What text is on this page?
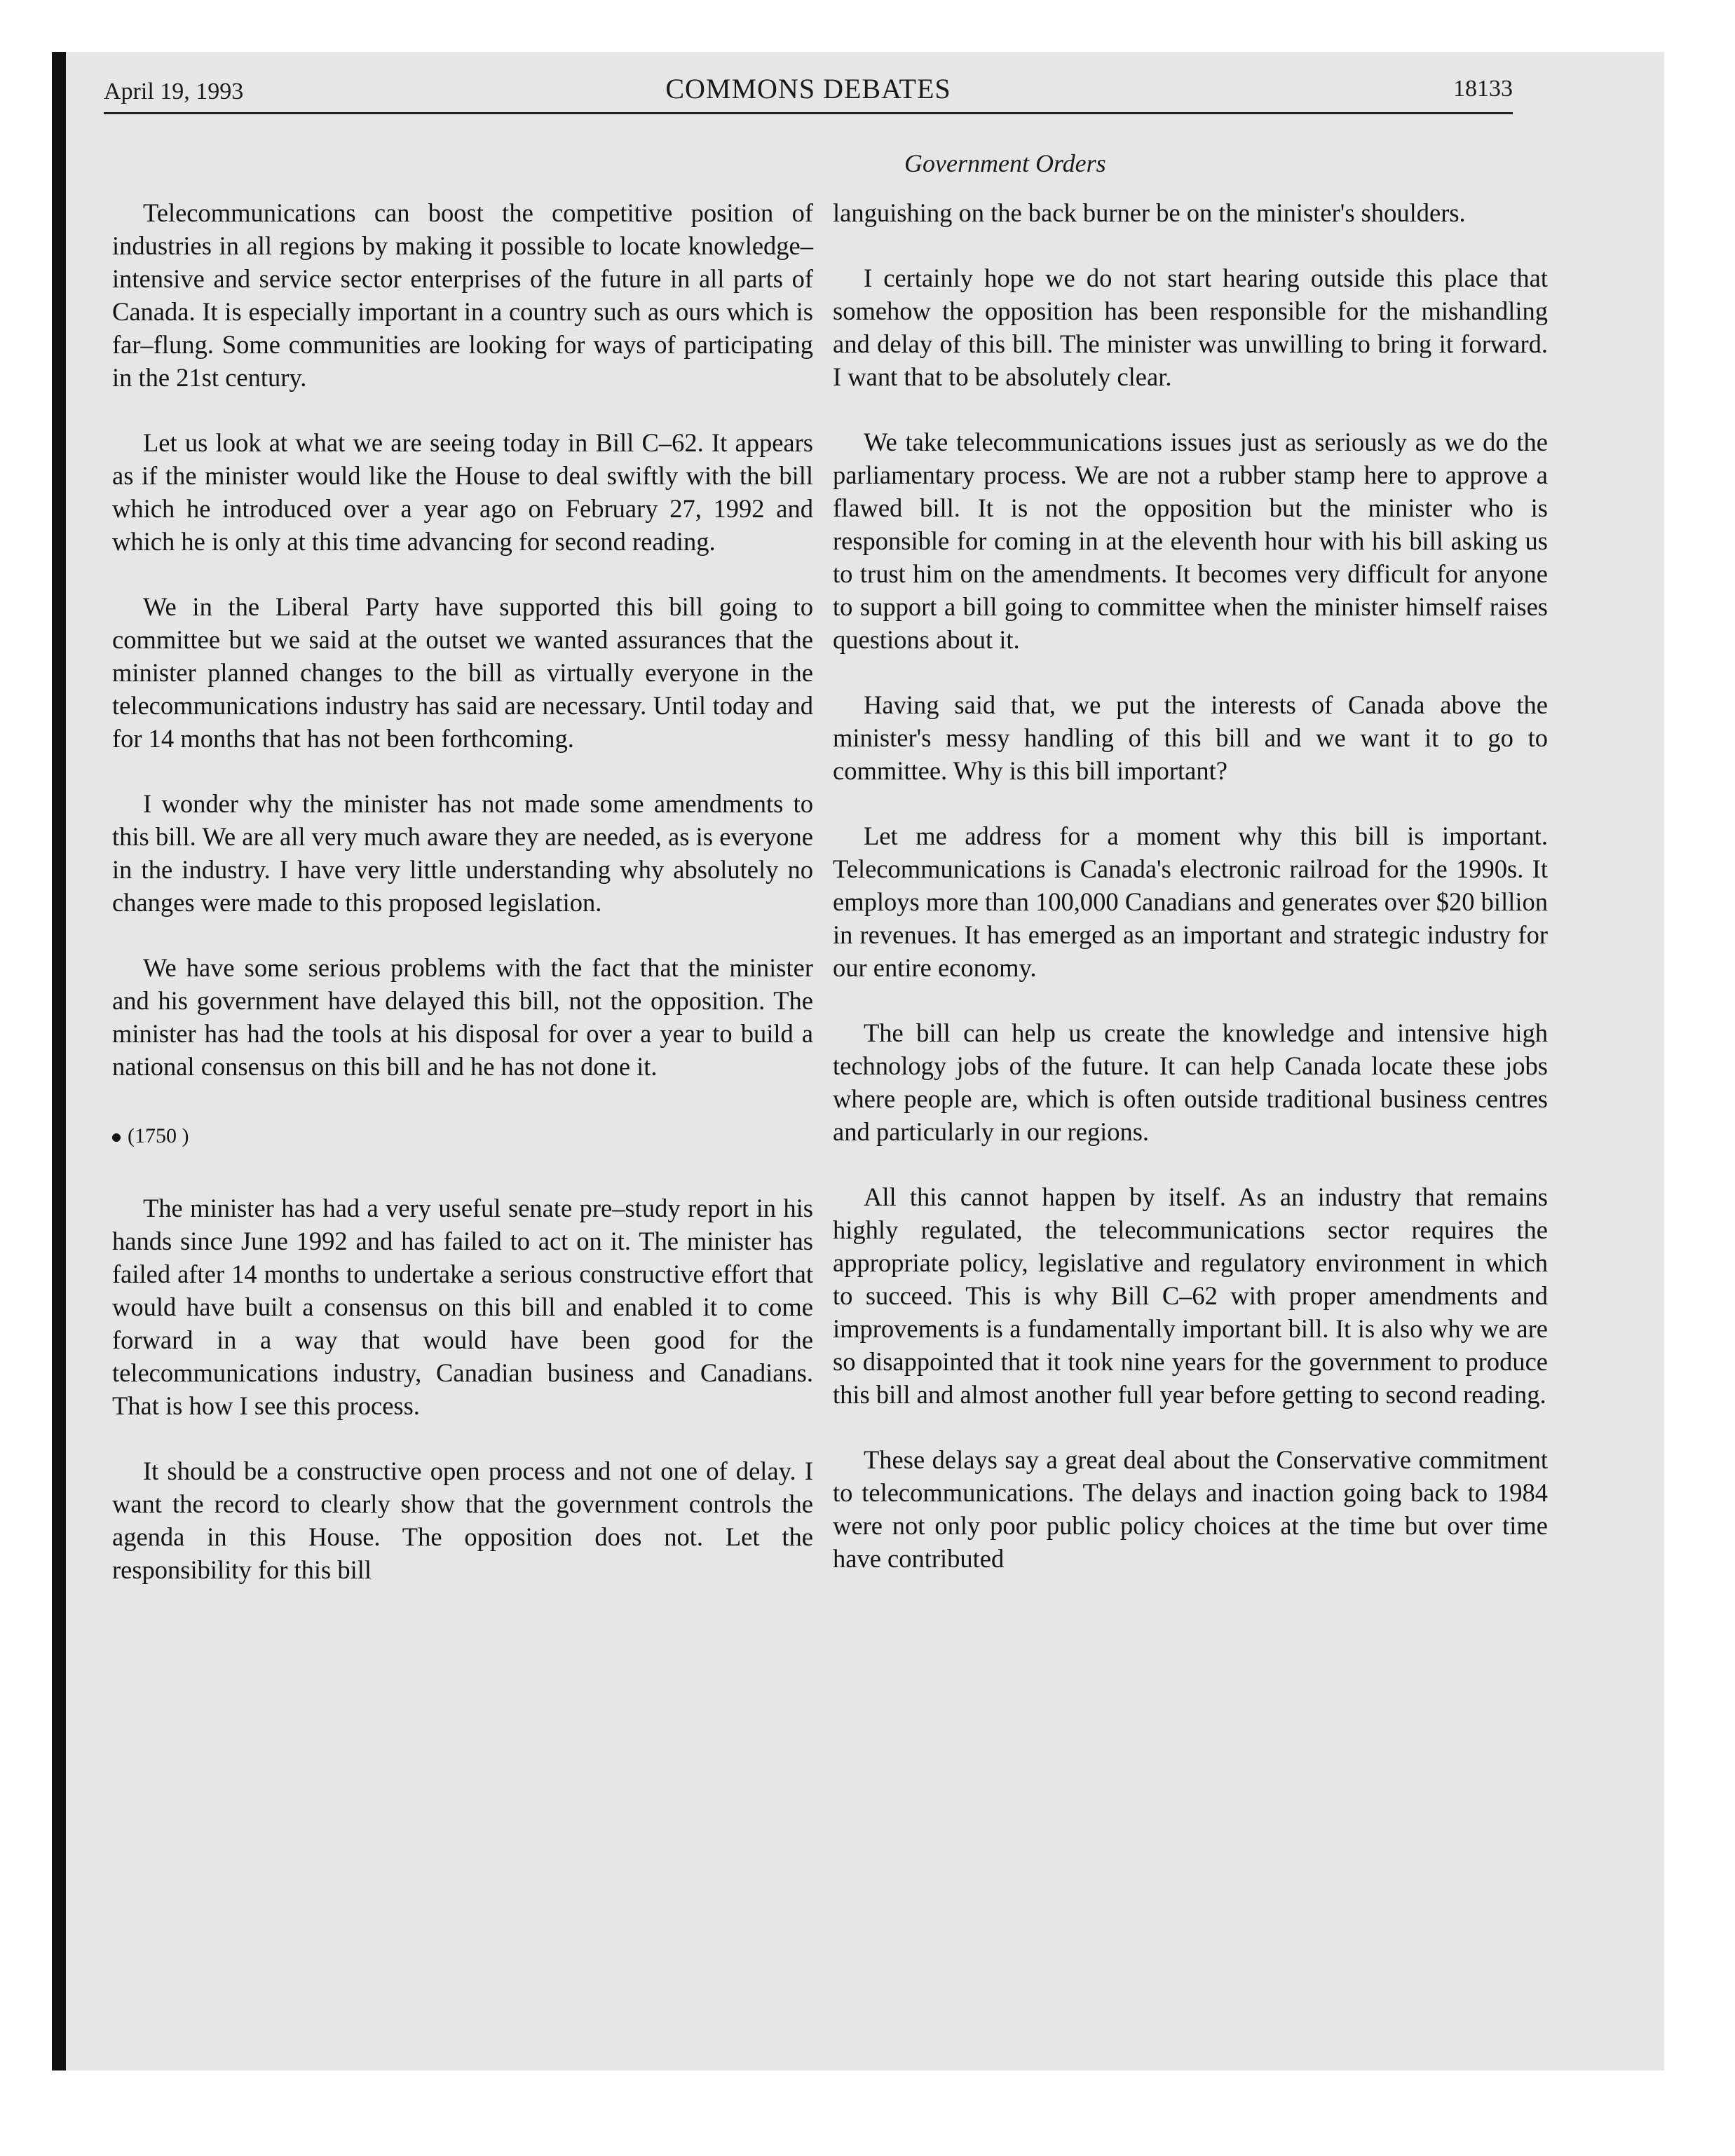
April 19, 1993	COMMONS DEBATES	18133
Government Orders

Telecommunications can boost the competitive position of industries in all regions by making it possible to locate knowledge–intensive and service sector enterprises of the future in all parts of Canada. It is especially important in a country such as ours which is far–flung. Some communities are looking for ways of participating in the 21st century.

Let us look at what we are seeing today in Bill C–62. It appears as if the minister would like the House to deal swiftly with the bill which he introduced over a year ago on February 27, 1992 and which he is only at this time advancing for second reading.

We in the Liberal Party have supported this bill going to committee but we said at the outset we wanted assurances that the minister planned changes to the bill as virtually everyone in the telecommunications industry has said are necessary. Until today and for 14 months that has not been forthcoming.

I wonder why the minister has not made some amendments to this bill. We are all very much aware they are needed, as is everyone in the industry. I have very little understanding why absolutely no changes were made to this proposed legislation.

We have some serious problems with the fact that the minister and his government have delayed this bill, not the opposition. The minister has had the tools at his disposal for over a year to build a national consensus on this bill and he has not done it.

(1750 )

The minister has had a very useful senate pre–study report in his hands since June 1992 and has failed to act on it. The minister has failed after 14 months to undertake a serious constructive effort that would have built a consensus on this bill and enabled it to come forward in a way that would have been good for the telecommunications industry, Canadian business and Canadians. That is how I see this process.

It should be a constructive open process and not one of delay. I want the record to clearly show that the government controls the agenda in this House. The opposition does not. Let the responsibility for this bill

languishing on the back burner be on the minister's shoulders.

I certainly hope we do not start hearing outside this place that somehow the opposition has been responsible for the mishandling and delay of this bill. The minister was unwilling to bring it forward. I want that to be absolutely clear.

We take telecommunications issues just as seriously as we do the parliamentary process. We are not a rubber stamp here to approve a flawed bill. It is not the opposition but the minister who is responsible for coming in at the eleventh hour with his bill asking us to trust him on the amendments. It becomes very difficult for anyone to support a bill going to committee when the minister himself raises questions about it.

Having said that, we put the interests of Canada above the minister's messy handling of this bill and we want it to go to committee. Why is this bill important?

Let me address for a moment why this bill is important. Telecommunications is Canada's electronic railroad for the 1990s. It employs more than 100,000 Canadians and generates over $20 billion in revenues. It has emerged as an important and strategic industry for our entire economy.

The bill can help us create the knowledge and intensive high technology jobs of the future. It can help Canada locate these jobs where people are, which is often outside traditional business centres and particularly in our regions.

All this cannot happen by itself. As an industry that remains highly regulated, the telecommunications sector requires the appropriate policy, legislative and regulatory environment in which to succeed. This is why Bill C–62 with proper amendments and improvements is a fundamentally important bill. It is also why we are so disappointed that it took nine years for the government to produce this bill and almost another full year before getting to second reading.

These delays say a great deal about the Conservative commitment to telecommunications. The delays and inaction going back to 1984 were not only poor public policy choices at the time but over time have contributed
